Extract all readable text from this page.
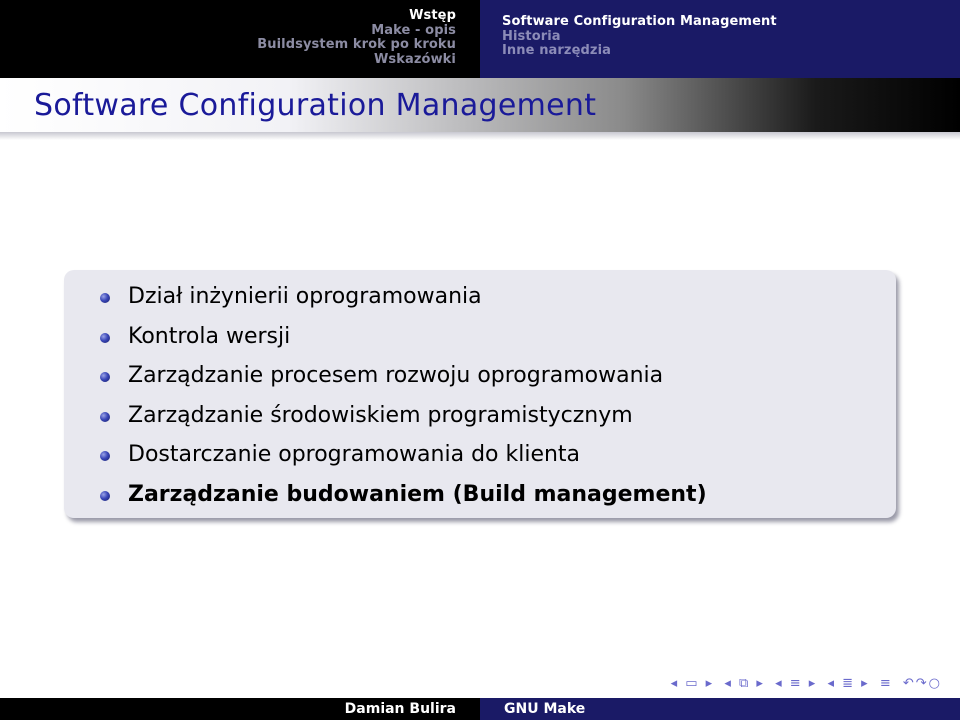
Wstęp
Make - opis
Buildsystem krok po kroku
Wskazówki
Software Configuration Management
Historia
Inne narzędzia
Software Configuration Management
Dział inżynierii oprogramowania
Kontrola wersji
Zarządzanie procesem rozwoju oprogramowania
Zarządzanie środowiskiem programistycznym
Dostarczanie oprogramowania do klienta
Zarządzanie budowaniem (Build management)
◂ ▭ ▸ ◂ ⧉ ▸ ◂ ≡ ▸ ◂ ≣ ▸ ≡ ↶↷○
Damian Bulira	GNU Make
